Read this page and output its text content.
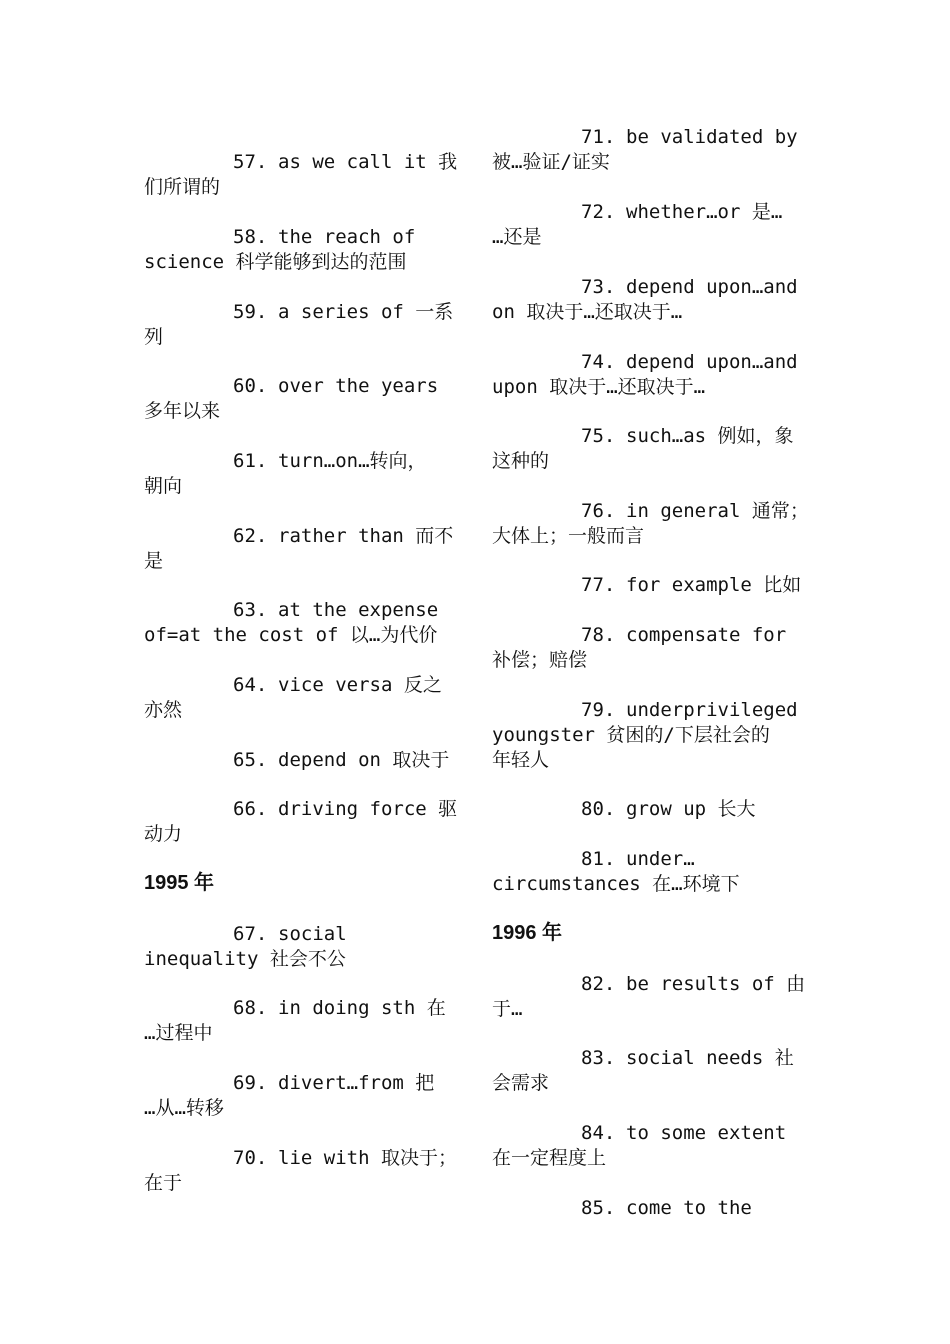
57. as we call it 我
们所谓的
58. the reach of
science 科学能够到达的范围
59. a series of 一系
列
60. over the years
多年以来
61. turn…on…转向，
朝向
62. rather than 而不
是
63. at the expense
of=at the cost of 以…为代价
64. vice versa 反之
亦然
65. depend on 取决于
66. driving force 驱
动力
1995 年
67. social
inequality 社会不公
68. in doing sth 在
…过程中
69. divert…from 把
…从…转移
70. lie with 取决于；
在于
71. be validated by
被…验证/证实
72. whether…or 是…
…还是
73. depend upon…and
on 取决于…还取决于…
74. depend upon…and
upon 取决于…还取决于…
75. such…as 例如，象
这种的
76. in general 通常；
大体上；一般而言
77. for example 比如
78. compensate for
补偿；赔偿
79. underprivileged
youngster 贫困的/下层社会的
年轻人
80. grow up 长大
81. under…
circumstances 在…环境下
1996 年
82. be results of 由
于…
83. social needs 社
会需求
84. to some extent
在一定程度上
85. come to the
